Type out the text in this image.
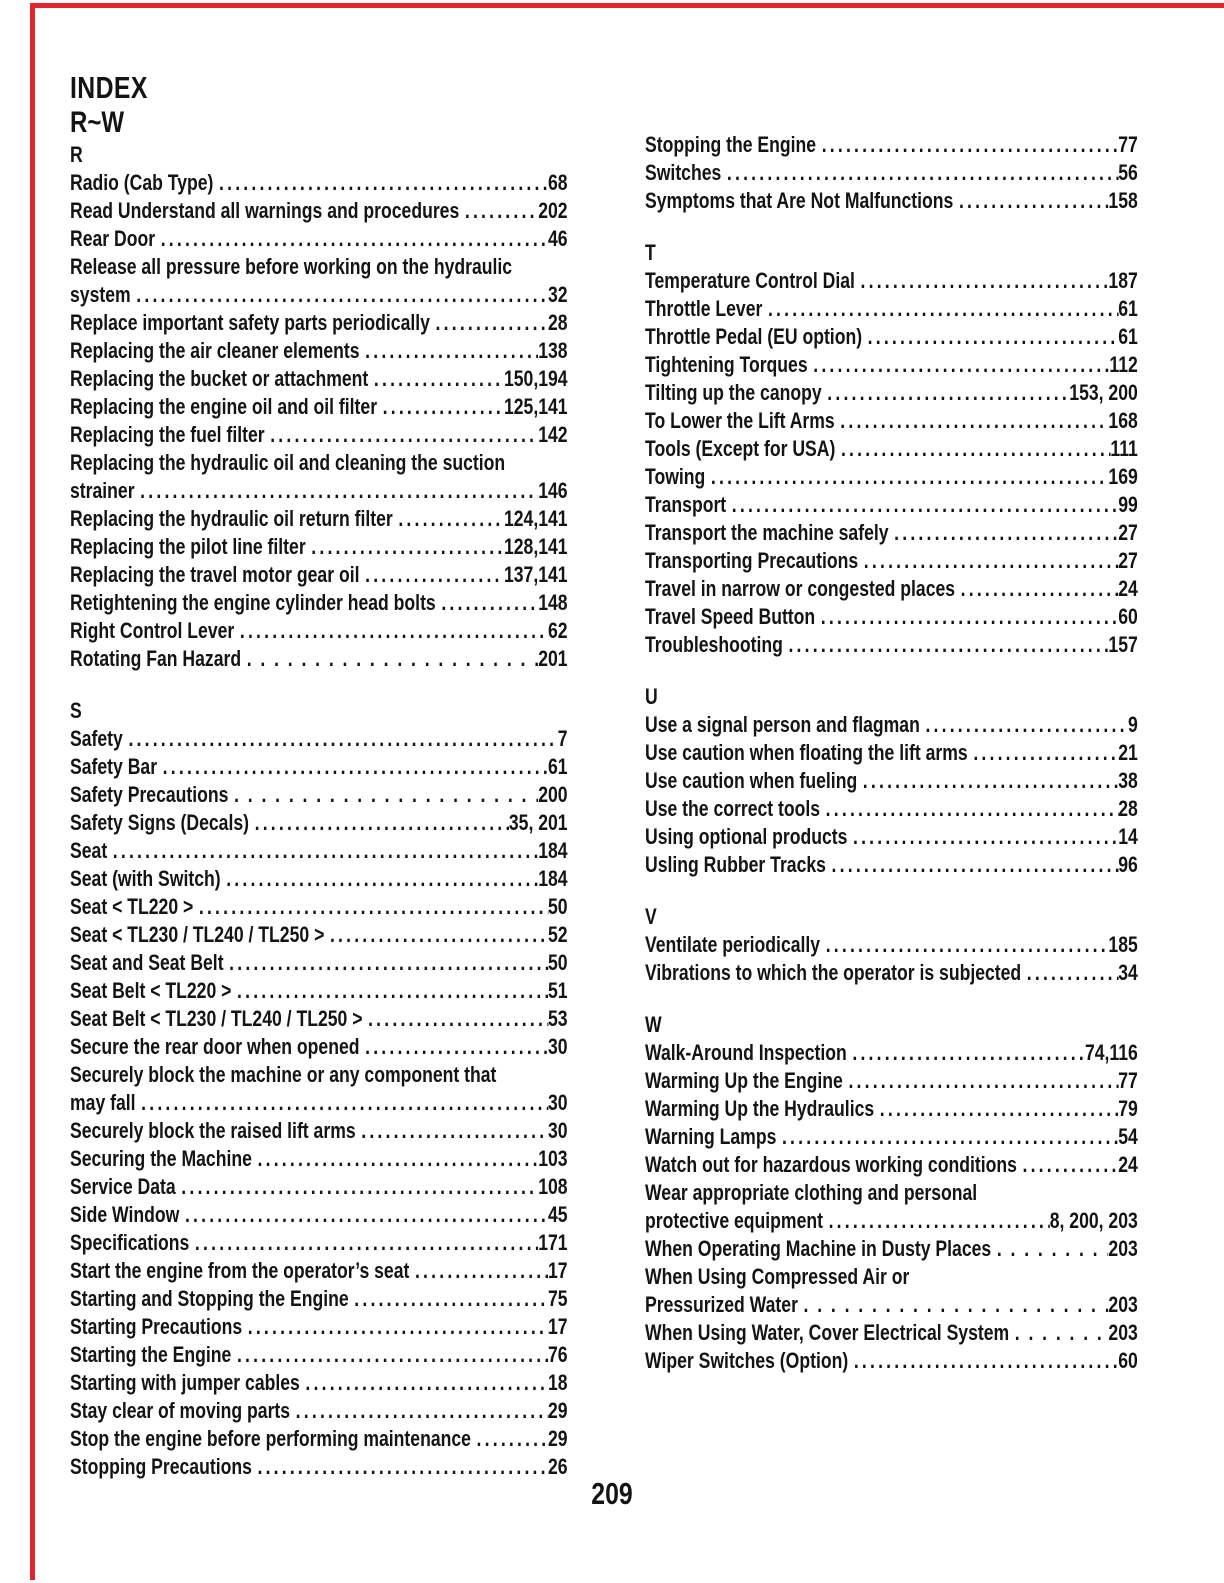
INDEX
R~W
R
Radio (Cab Type) .....	68
Read Understand all warnings and procedures .....	202
Rear Door .....	46
Release all pressure before working on the hydraulic
system .....	32
Replace important safety parts periodically .....	28
Replacing the air cleaner elements .....	138
Replacing the bucket or attachment .....	150,194
Replacing the engine oil and oil filter .....	125,141
Replacing the fuel filter .....	142
Replacing the hydraulic oil and cleaning the suction
strainer .....	146
Replacing the hydraulic oil return filter .....	124,141
Replacing the pilot line filter .....	128,141
Replacing the travel motor gear oil .....	137,141
Retightening the engine cylinder head bolts .....	148
Right Control Lever .....	62
Rotating Fan Hazard .....	201
S
Safety .....	7
Safety Bar .....	61
Safety Precautions .....	200
Safety Signs (Decals) .....	35, 201
Seat .....	184
Seat (with Switch) .....	184
Seat < TL220 > .....	50
Seat < TL230 / TL240 / TL250 > .....	52
Seat and Seat Belt .....	50
Seat Belt < TL220 > .....	51
Seat Belt < TL230 / TL240 / TL250 > .....	53
Secure the rear door when opened .....	30
Securely block the machine or any component that
may fall .....	30
Securely block the raised lift arms .....	30
Securing the Machine .....	103
Service Data .....	108
Side Window .....	45
Specifications .....	171
Start the engine from the operator’s seat .....	17
Starting and Stopping the Engine .....	75
Starting Precautions .....	17
Starting the Engine .....	76
Starting with jumper cables .....	18
Stay clear of moving parts .....	29
Stop the engine before performing maintenance .....	29
Stopping Precautions .....	26
Stopping the Engine .....	77
Switches .....	56
Symptoms that Are Not Malfunctions .....	158
T
Temperature Control Dial .....	187
Throttle Lever .....	61
Throttle Pedal (EU option) .....	61
Tightening Torques .....	112
Tilting up the canopy .....	153, 200
To Lower the Lift Arms .....	168
Tools (Except for USA) .....	111
Towing .....	169
Transport .....	99
Transport the machine safely .....	27
Transporting Precautions .....	27
Travel in narrow or congested places .....	24
Travel Speed Button .....	60
Troubleshooting .....	157
U
Use a signal person and flagman .....	9
Use caution when floating the lift arms .....	21
Use caution when fueling .....	38
Use the correct tools .....	28
Using optional products .....	14
Usling Rubber Tracks .....	96
V
Ventilate periodically .....	185
Vibrations to which the operator is subjected .....	34
W
Walk-Around Inspection .....	74,116
Warming Up the Engine .....	77
Warming Up the Hydraulics .....	79
Warning Lamps .....	54
Watch out for hazardous working conditions .....	24
Wear appropriate clothing and personal
protective equipment .....	8, 200, 203
When Operating Machine in Dusty Places .....	203
When Using Compressed Air or
Pressurized Water .....	203
When Using Water, Cover Electrical System .....	203
Wiper Switches (Option) .....	60
209
